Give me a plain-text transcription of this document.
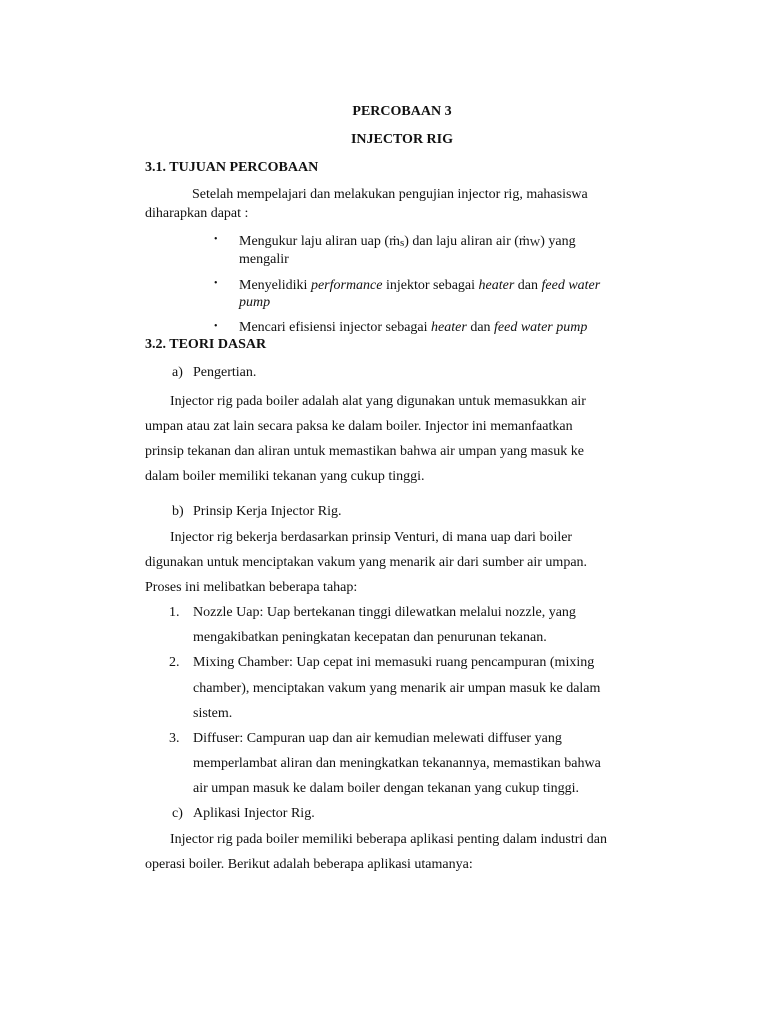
PERCOBAAN 3
INJECTOR RIG
3.1. TUJUAN PERCOBAAN
Setelah mempelajari dan melakukan pengujian injector rig, mahasiswa
diharapkan dapat :
• Mengukur laju aliran uap (ṁ$_s$) dan laju aliran air (ṁ$_W$) yang
mengalir
• Menyelidiki performance injektor sebagai heater dan feed water
pump
• Mencari efisiensi injector sebagai heater dan feed water pump
3.2. TEORI DASAR
a) Pengertian.
Injector rig pada boiler adalah alat yang digunakan untuk memasukkan air
umpan atau zat lain secara paksa ke dalam boiler. Injector ini memanfaatkan
prinsip tekanan dan aliran untuk memastikan bahwa air umpan yang masuk ke
dalam boiler memiliki tekanan yang cukup tinggi.
b) Prinsip Kerja Injector Rig.
Injector rig bekerja berdasarkan prinsip Venturi, di mana uap dari boiler
digunakan untuk menciptakan vakum yang menarik air dari sumber air umpan.
Proses ini melibatkan beberapa tahap:
1. Nozzle Uap: Uap bertekanan tinggi dilewatkan melalui nozzle, yang
mengakibatkan peningkatan kecepatan dan penurunan tekanan.
2. Mixing Chamber: Uap cepat ini memasuki ruang pencampuran (mixing
chamber), menciptakan vakum yang menarik air umpan masuk ke dalam
sistem.
3. Diffuser: Campuran uap dan air kemudian melewati diffuser yang
memperlambat aliran dan meningkatkan tekanannya, memastikan bahwa
air umpan masuk ke dalam boiler dengan tekanan yang cukup tinggi.
c) Aplikasi Injector Rig.
Injector rig pada boiler memiliki beberapa aplikasi penting dalam industri dan
operasi boiler. Berikut adalah beberapa aplikasi utamanya:
